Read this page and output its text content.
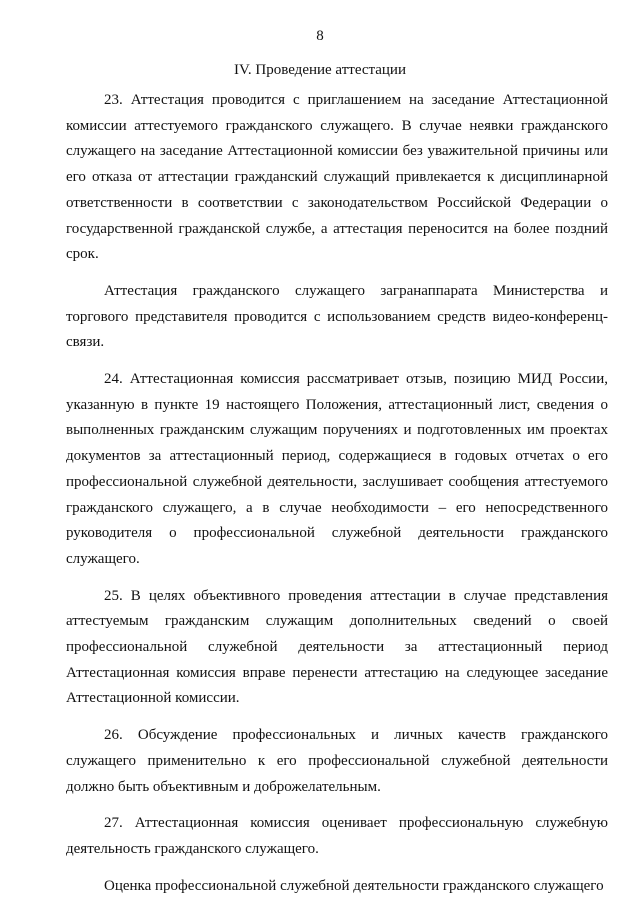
8
IV. Проведение аттестации

23. Аттестация проводится с приглашением на заседание Аттестационной комиссии аттестуемого гражданского служащего. В случае неявки гражданского служащего на заседание Аттестационной комиссии без уважительной причины или его отказа от аттестации гражданский служащий привлекается к дисциплинарной ответственности в соответствии с законодательством Российской Федерации о государственной гражданской службе, а аттестация переносится на более поздний срок.

Аттестация гражданского служащего загранаппарата Министерства и торгового представителя проводится с использованием средств видео-конференц-связи.

24. Аттестационная комиссия рассматривает отзыв, позицию МИД России, указанную в пункте 19 настоящего Положения, аттестационный лист, сведения о выполненных гражданским служащим поручениях и подготовленных им проектах документов за аттестационный период, содержащиеся в годовых отчетах о его профессиональной служебной деятельности, заслушивает сообщения аттестуемого гражданского служащего, а в случае необходимости – его непосредственного руководителя о профессиональной служебной деятельности гражданского служащего.

25. В целях объективного проведения аттестации в случае представления аттестуемым гражданским служащим дополнительных сведений о своей профессиональной служебной деятельности за аттестационный период Аттестационная комиссия вправе перенести аттестацию на следующее заседание Аттестационной комиссии.

26. Обсуждение профессиональных и личных качеств гражданского служащего применительно к его профессиональной служебной деятельности должно быть объективным и доброжелательным.

27. Аттестационная комиссия оценивает профессиональную служебную деятельность гражданского служащего.

Оценка профессиональной служебной деятельности гражданского служащего
